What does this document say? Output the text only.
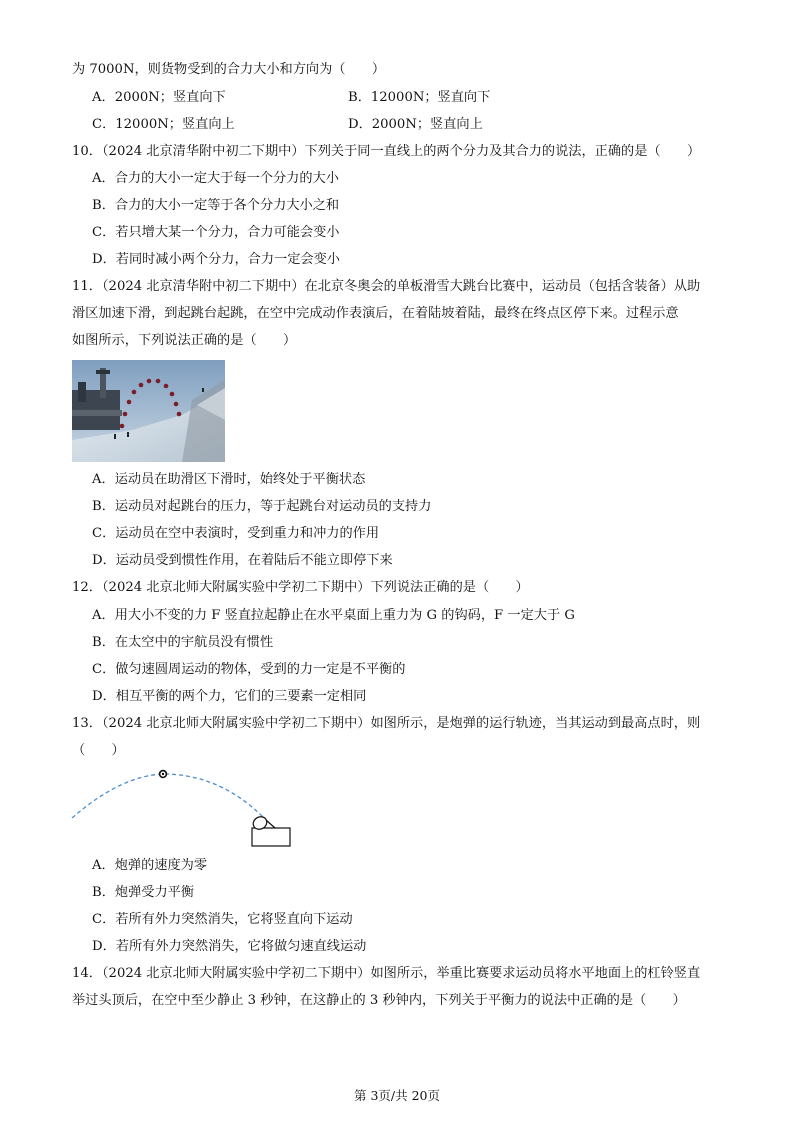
为 7000N，则货物受到的合力大小和方向为（　　）
A．2000N；竖直向下	B．12000N；竖直向下
C．12000N；竖直向上	D．2000N；竖直向上
10．（2024 北京清华附中初二下期中）下列关于同一直线上的两个分力及其合力的说法，正确的是（　　）
A．合力的大小一定大于每一个分力的大小
B．合力的大小一定等于各个分力大小之和
C．若只增大某一个分力，合力可能会变小
D．若同时减小两个分力，合力一定会变小
11．（2024 北京清华附中初二下期中）在北京冬奥会的单板滑雪大跳台比赛中，运动员（包括含装备）从助
滑区加速下滑，到起跳台起跳，在空中完成动作表演后，在着陆坡着陆，最终在终点区停下来。过程示意
如图所示，下列说法正确的是（　　）
A．运动员在助滑区下滑时，始终处于平衡状态
B．运动员对起跳台的压力，等于起跳台对运动员的支持力
C．运动员在空中表演时，受到重力和冲力的作用
D．运动员受到惯性作用，在着陆后不能立即停下来
12．（2024 北京北师大附属实验中学初二下期中）下列说法正确的是（　　）
A．用大小不变的力 F 竖直拉起静止在水平桌面上重力为 G 的钩码，F 一定大于 G
B．在太空中的宇航员没有惯性
C．做匀速圆周运动的物体，受到的力一定是不平衡的
D．相互平衡的两个力，它们的三要素一定相同
13．（2024 北京北师大附属实验中学初二下期中）如图所示，是炮弹的运行轨迹，当其运动到最高点时，则
（　　）
A．炮弹的速度为零
B．炮弹受力平衡
C．若所有外力突然消失，它将竖直向下运动
D．若所有外力突然消失，它将做匀速直线运动
14．（2024 北京北师大附属实验中学初二下期中）如图所示，举重比赛要求运动员将水平地面上的杠铃竖直
举过头顶后，在空中至少静止 3 秒钟，在这静止的 3 秒钟内，下列关于平衡力的说法中正确的是（　　）
第 3页/共 20页
